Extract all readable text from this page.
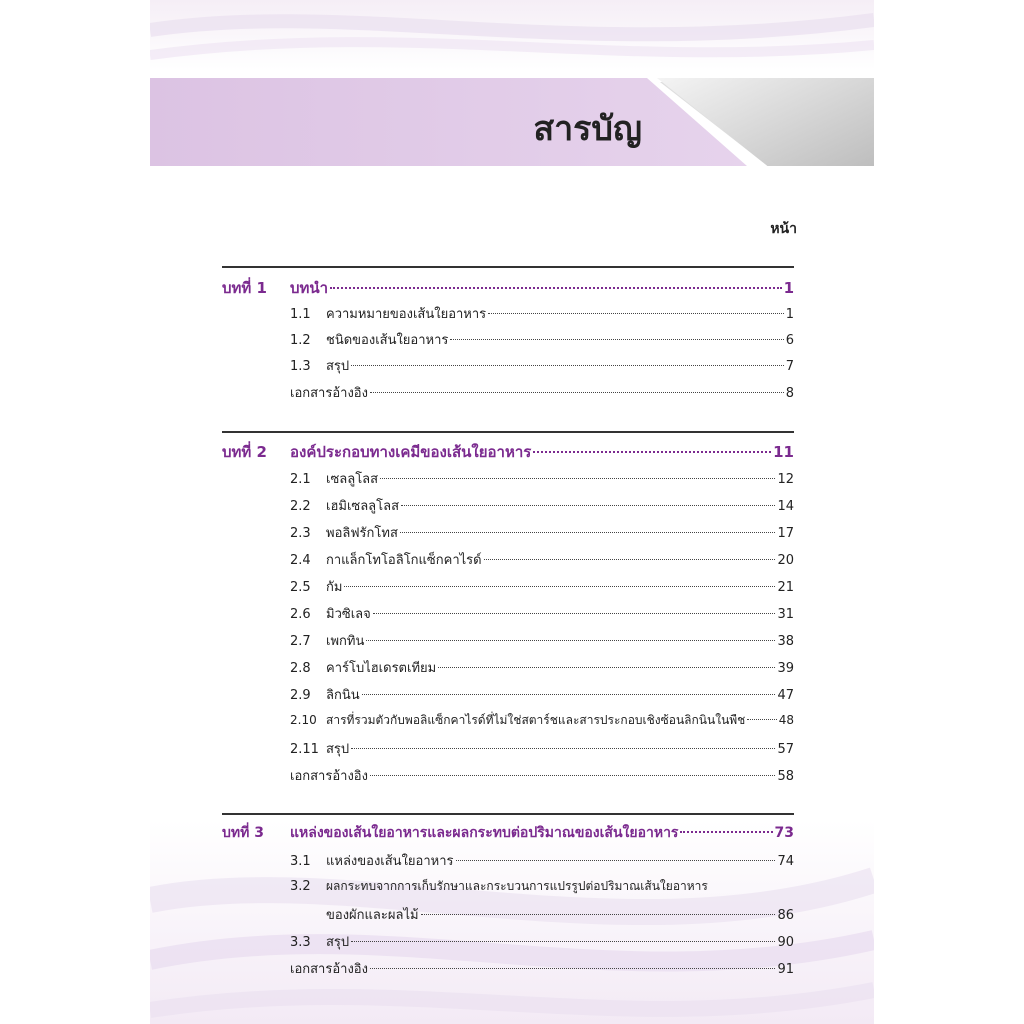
สารบัญ
หน้า
บทที่ 1	บทนำ	1
1.1	ความหมายของเส้นใยอาหาร	1
1.2	ชนิดของเส้นใยอาหาร	6
1.3	สรุป	7
เอกสารอ้างอิง	8
บทที่ 2	องค์ประกอบทางเคมีของเส้นใยอาหาร	11
2.1	เซลลูโลส	12
2.2	เฮมิเซลลูโลส	14
2.3	พอลิฟรักโทส	17
2.4	กาแล็กโทโอลิโกแซ็กคาไรด์	20
2.5	กัม	21
2.6	มิวซิเลจ	31
2.7	เพกทิน	38
2.8	คาร์โบไฮเดรตเทียม	39
2.9	ลิกนิน	47
2.10 สารที่รวมตัวกับพอลิแซ็กคาไรด์ที่ไม่ใช่สตาร์ชและสารประกอบเชิงซ้อนลิกนินในพืช	48
2.11 สรุป	57
เอกสารอ้างอิง	58
บทที่ 3	แหล่งของเส้นใยอาหารและผลกระทบต่อปริมาณของเส้นใยอาหาร	73
3.1	แหล่งของเส้นใยอาหาร	74
3.2	ผลกระทบจากการเก็บรักษาและกระบวนการแปรรูปต่อปริมาณเส้นใยอาหาร
ของผักและผลไม้	86
3.3	สรุป	90
เอกสารอ้างอิง	91
